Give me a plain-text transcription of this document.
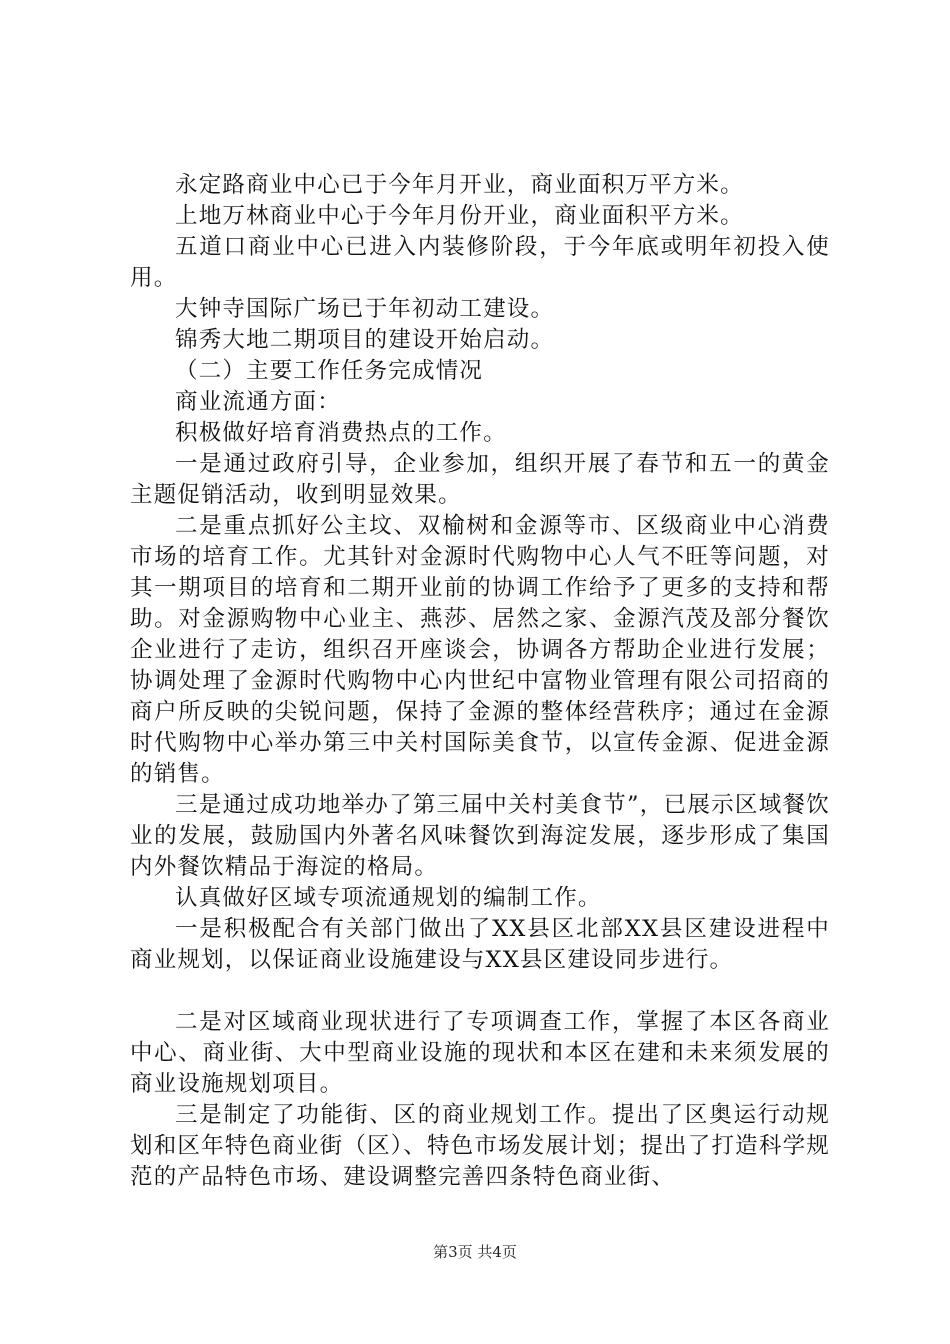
永定路商业中心已于今年月开业，商业面积万平方米。

上地万林商业中心于今年月份开业，商业面积平方米。

五道口商业中心已进入内装修阶段，于今年底或明年初投入使用。

大钟寺国际广场已于年初动工建设。

锦秀大地二期项目的建设开始启动。

（二）主要工作任务完成情况

商业流通方面：

积极做好培育消费热点的工作。

一是通过政府引导，企业参加，组织开展了春节和五一的黄金主题促销活动，收到明显效果。

二是重点抓好公主坟、双榆树和金源等市、区级商业中心消费市场的培育工作。尤其针对金源时代购物中心人气不旺等问题，对其一期项目的培育和二期开业前的协调工作给予了更多的支持和帮助。对金源购物中心业主、燕莎、居然之家、金源汽茂及部分餐饮企业进行了走访，组织召开座谈会，协调各方帮助企业进行发展；协调处理了金源时代购物中心内世纪中富物业管理有限公司招商的商户所反映的尖锐问题，保持了金源的整体经营秩序；通过在金源时代购物中心举办第三中关村国际美食节，以宣传金源、促进金源的销售。

三是通过成功地举办了第三届中关村美食节”，已展示区域餐饮业的发展，鼓励国内外著名风味餐饮到海淀发展，逐步形成了集国内外餐饮精品于海淀的格局。

认真做好区域专项流通规划的编制工作。

一是积极配合有关部门做出了XX县区北部XX县区建设进程中商业规划，以保证商业设施建设与XX县区建设同步进行。

二是对区域商业现状进行了专项调查工作，掌握了本区各商业中心、商业街、大中型商业设施的现状和本区在建和未来须发展的商业设施规划项目。

三是制定了功能街、区的商业规划工作。提出了区奥运行动规划和区年特色商业街（区）、特色市场发展计划；提出了打造科学规范的产品特色市场、建设调整完善四条特色商业街、

第3页 共4页
